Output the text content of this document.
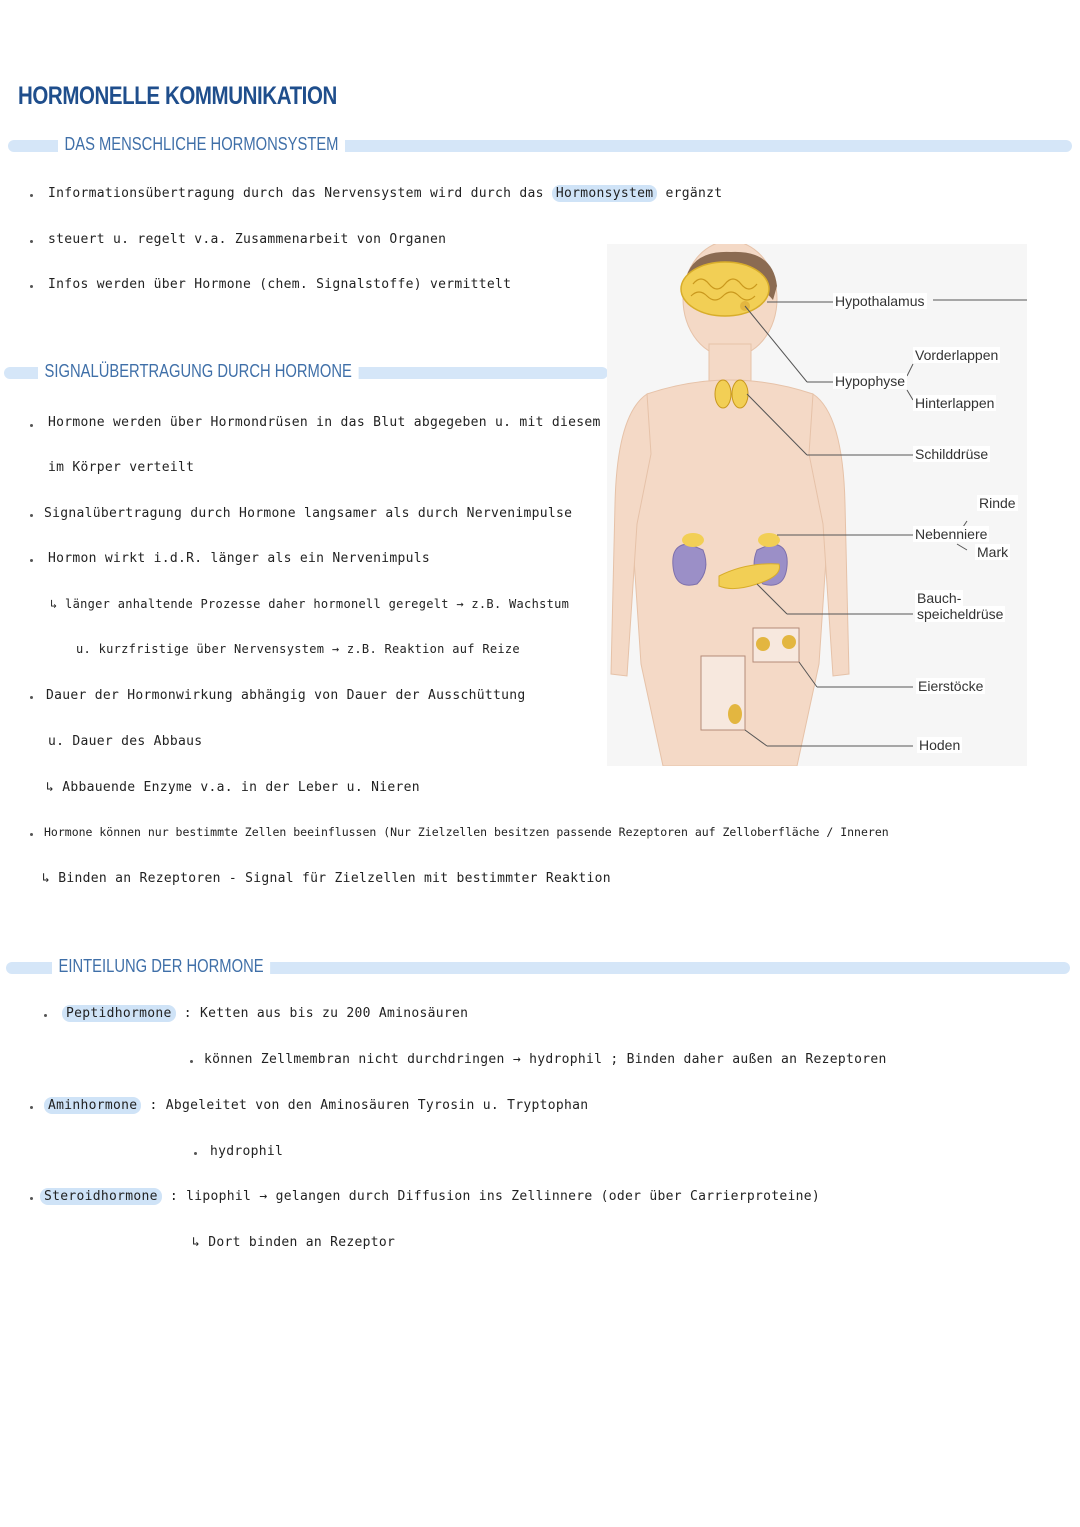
HORMONELLE KOMMUNIKATION
DAS MENSCHLICHE HORMONSYSTEM
Informationsübertragung durch das Nervensystem wird durch das Hormonsystem ergänzt
steuert u. regelt v.a. Zusammenarbeit von Organen
Infos werden über Hormone (chem. Signalstoffe) vermittelt
SIGNALÜBERTRAGUNG DURCH HORMONE
Hormone werden über Hormondrüsen in das Blut abgegeben u. mit diesem
im Körper verteilt
Signalübertragung durch Hormone langsamer als durch Nervenimpulse
Hormon wirkt i.d.R. länger als ein Nervenimpuls
↳ länger anhaltende Prozesse daher hormonell geregelt → z.B. Wachstum
u. kurzfristige über Nervensystem → z.B. Reaktion auf Reize
Dauer der Hormonwirkung abhängig von Dauer der Ausschüttung
u. Dauer des Abbaus
↳ Abbauende Enzyme v.a. in der Leber u. Nieren
Hormone können nur bestimmte Zellen beeinflussen (Nur Zielzellen besitzen passende Rezeptoren auf Zelloberfläche / Inneren
↳ Binden an Rezeptoren - Signal für Zielzellen mit bestimmter Reaktion
Hypothalamus
Hypophyse
Vorderlappen
Hinterlappen
Schilddrüse
Rinde
Nebenniere
Mark
Bauch-
speicheldrüse
Eierstöcke
Hoden
EINTEILUNG DER HORMONE
Peptidhormone : Ketten aus bis zu 200 Aminosäuren
können Zellmembran nicht durchdringen → hydrophil ; Binden daher außen an Rezeptoren
Aminhormone : Abgeleitet von den Aminosäuren Tyrosin u. Tryptophan
hydrophil
Steroidhormone : lipophil → gelangen durch Diffusion ins Zellinnere (oder über Carrierproteine)
↳ Dort binden an Rezeptor
